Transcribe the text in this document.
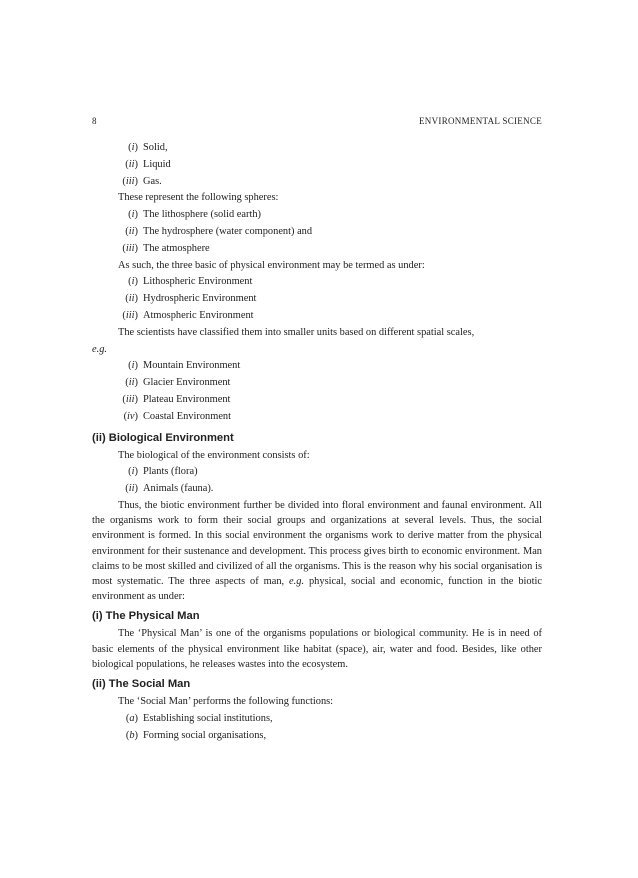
8	ENVIRONMENTAL SCIENCE
(i) Solid,
(ii) Liquid
(iii) Gas.
These represent the following spheres:
(i) The lithosphere (solid earth)
(ii) The hydrosphere (water component) and
(iii) The atmosphere
As such, the three basic of physical environment may be termed as under:
(i) Lithospheric Environment
(ii) Hydrospheric Environment
(iii) Atmospheric Environment
The scientists have classified them into smaller units based on different spatial scales,
e.g.
(i) Mountain Environment
(ii) Glacier Environment
(iii) Plateau Environment
(iv) Coastal Environment
(ii) Biological Environment
The biological of the environment consists of:
(i) Plants (flora)
(ii) Animals (fauna).
Thus, the biotic environment further be divided into floral environment and faunal environment. All the organisms work to form their social groups and organizations at several levels. Thus, the social environment is formed. In this social environment the organisms work to derive matter from the physical environment for their sustenance and development. This process gives birth to economic environment. Man claims to be most skilled and civilized of all the organisms. This is the reason why his social organisation is most systematic. The three aspects of man, e.g. physical, social and economic, function in the biotic environment as under:
(i) The Physical Man
The ‘Physical Man’ is one of the organisms populations or biological community. He is in need of basic elements of the physical environment like habitat (space), air, water and food. Besides, like other biological populations, he releases wastes into the ecosystem.
(ii) The Social Man
The ‘Social Man’ performs the following functions:
(a) Establishing social institutions,
(b) Forming social organisations,
